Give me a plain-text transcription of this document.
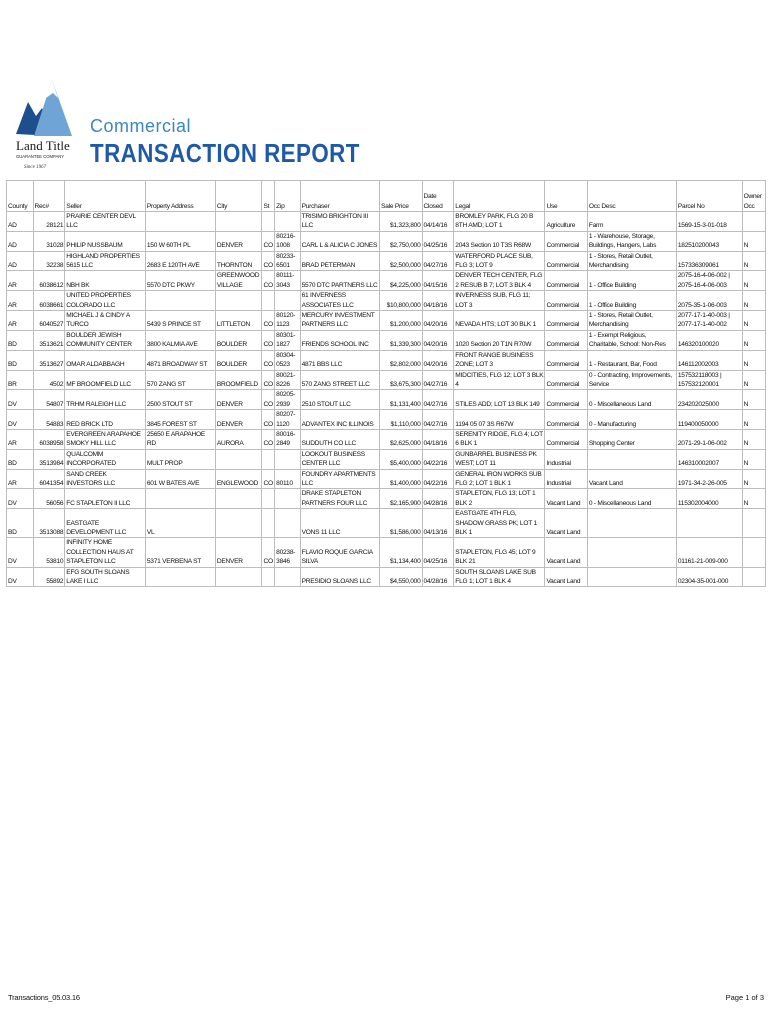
Land Title
GUARANTEE COMPANY
Since 1967
Commercial
TRANSACTION REPORT
County	Rec#	Seller	Property Address	City	St	Zip	Purchaser	Sale Price	Date Closed	Legal	Use	Occ Desc	Parcel No	Owner Occ
AD	28121	PRAIRIE CENTER DEVL LLC					TRISIMO BRIGHTON III LLC	$1,323,800	04/14/16	BROMLEY PARK, FLG 20 B 8TH AMD; LOT 1	Agriculture	Farm	1569-15-3-01-018	
AD	31028	PHILIP NUSSBAUM	150 W 60TH PL	DENVER	CO	80216-1008	CARL L & ALICIA C JONES	$2,750,000	04/25/16	2043 Section 10 T3S R68W	Commercial	1 - Warehouse, Storage, Buildings, Hangers, Labs	182510200043	N
AD	32238	HIGHLAND PROPERTIES 5615 LLC	2683 E 120TH AVE	THORNTON	CO	80233-6501	BRAD PETERMAN	$2,500,000	04/27/16	WATERFORD PLACE SUB, FLG 3; LOT 9	Commercial	1 - Stores, Retail Outlet, Merchandising	157336309061	N
AR	6038612	NBH BK	5570 DTC PKWY	GREENWOOD VILLAGE	CO	80111-3043	5570 DTC PARTNERS LLC	$4,225,000	04/15/16	DENVER TECH CENTER, FLG 2 RESUB B 7; LOT 3 BLK 4	Commercial	1 - Office Building	2075-16-4-06-002 | 2075-16-4-06-003	N
AR	6038661	UNITED PROPERTIES COLORADO LLC					61 INVERNESS ASSOCIATES LLC	$10,800,000	04/18/16	INVERNESS SUB, FLG 11; LOT 3	Commercial	1 - Office Building	2075-35-1-06-003	N
AR	6040527	MICHAEL J & CINDY A TURCO	5439 S PRINCE ST	LITTLETON	CO	80120-1123	MERCURY INVESTMENT PARTNERS LLC	$1,200,000	04/20/16	NEVADA HTS; LOT 30 BLK 1	Commercial	1 - Stores, Retail Outlet, Merchandising	2077-17-1-40-003 | 2077-17-1-40-002	N
BD	3513621	BOULDER JEWISH COMMUNITY CENTER	3800 KALMIA AVE	BOULDER	CO	80301-1827	FRIENDS SCHOOL INC	$1,339,300	04/20/16	1020 Section 20 T1N R70W	Commercial	1 - Exempt Religious, Charitable, School: Non-Res	146320100020	N
BD	3513627	OMAR ALDABBAGH	4871 BROADWAY ST	BOULDER	CO	80304-0523	4871 BBS LLC	$2,802,000	04/20/16	FRONT RANGE BUSINESS ZONE; LOT 3	Commercial	1 - Restaurant, Bar, Food	146112002003	N
BR	4502	MF BROOMFIELD LLC	570 ZANG ST	BROOMFIELD	CO	80021-8226	570 ZANG STREET LLC	$3,675,300	04/27/16	MIDCITIES, FLG 12; LOT 3 BLK 4	Commercial	0 - Contracting, Improvements, Service	157532118003 | 157532120001	N
DV	54807	TRHM RALEIGH LLC	2500 STOUT ST	DENVER	CO	80205-2939	2510 STOUT LLC	$1,131,400	04/27/16	STILES ADD; LOT 13 BLK 149	Commercial	0 - Miscellaneous Land	234202025000	N
DV	54883	RED BRICK LTD	3845 FOREST ST	DENVER	CO	80207-1120	ADVANTEX INC ILLINOIS	$1,110,000	04/27/16	1194 05 07 3S R67W	Commercial	0 - Manufacturing	119400050000	N
AR	6038958	EVERGREEN ARAPAHOE SMOKY HILL LLC	25650 E ARAPAHOE RD	AURORA	CO	80016-2849	SUDDUTH CO LLC	$2,625,000	04/18/16	SERENITY RIDGE, FLG 4; LOT 6 BLK 1	Commercial	Shopping Center	2071-29-1-06-002	N
BD	3513984	QUALCOMM INCORPORATED	MULT PROP				LOOKOUT BUSINESS CENTER LLC	$5,400,000	04/22/16	GUNBARREL BUSINESS PK WEST; LOT 11	Industrial		146310002007	N
AR	6041354	SAND CREEK INVESTORS LLC	601 W BATES AVE	ENGLEWOOD	CO	80110	FOUNDRY APARTMENTS LLC	$1,400,000	04/22/16	GENERAL IRON WORKS SUB FLG 2; LOT 1 BLK 1	Industrial	Vacant Land	1971-34-2-26-005	N
DV	56056	FC STAPLETON II LLC					DRAKE STAPLETON PARTNERS FOUR LLC	$2,165,900	04/28/16	STAPLETON, FLG 13; LOT 1 BLK 2	Vacant Land	0 - Miscellaneous Land	115302004000	N
BD	3513088	EASTGATE DEVELOPMENT LLC	VL				VONS 11 LLC	$1,586,000	04/13/16	EASTGATE 4TH FLG, SHADOW GRASS PK; LOT 1 BLK 1	Vacant Land			
DV	53810	INFINITY HOME COLLECTION HAUS AT STAPLETON LLC	5371 VERBENA ST	DENVER	CO	80238-3846	FLAVIO ROQUE GARCIA SILVA	$1,134,400	04/25/16	STAPLETON, FLG 45; LOT 9 BLK 21	Vacant Land		01161-21-009-000	
DV	55892	EFG SOUTH SLOANS LAKE I LLC					PRESIDIO SLOANS LLC	$4,550,000	04/28/16	SOUTH SLOANS LAKE SUB FLG 1; LOT 1 BLK 4	Vacant Land		02304-35-001-000	
Transactions_05.03.16	Page 1 of 3
